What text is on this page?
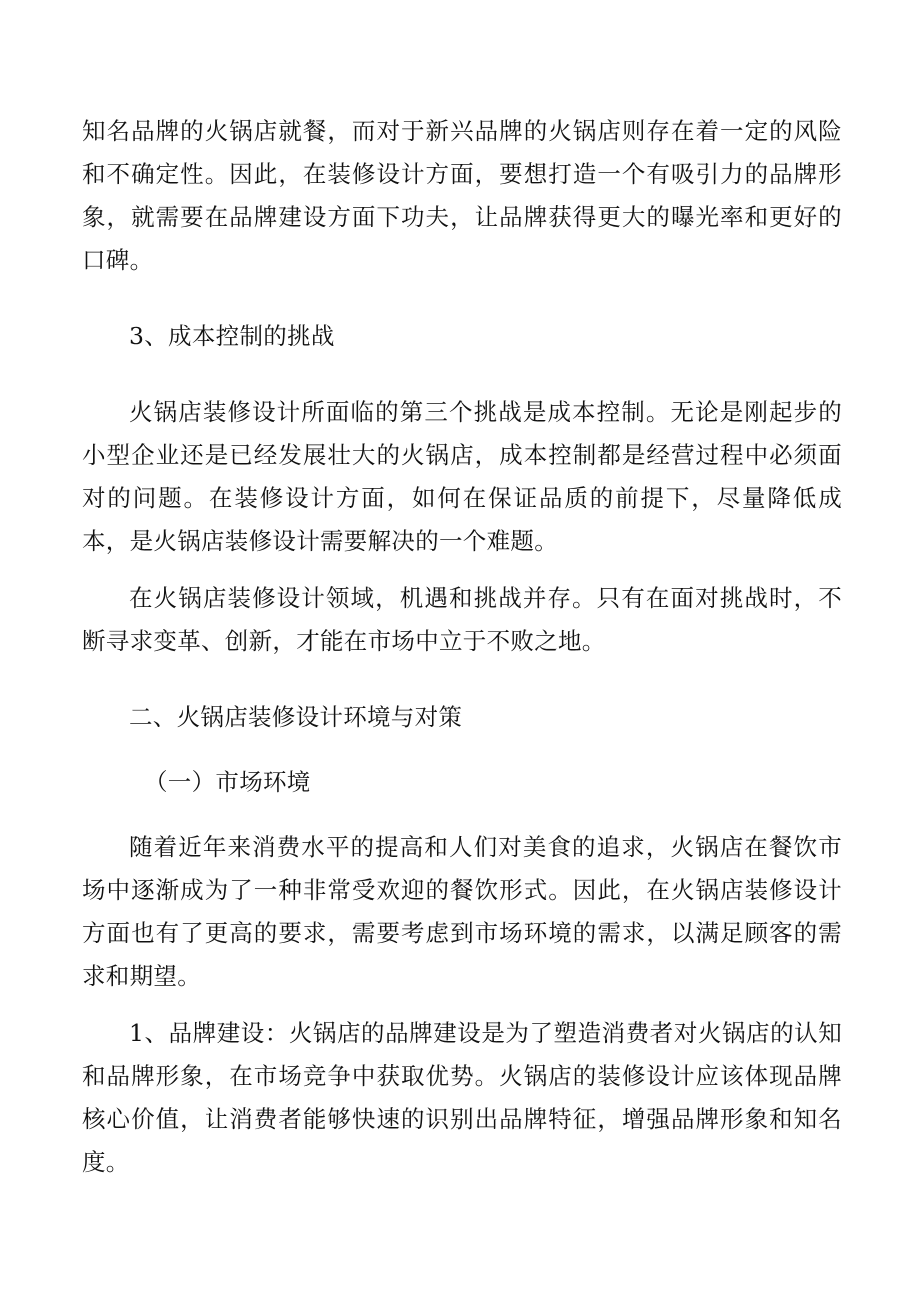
知名品牌的火锅店就餐，而对于新兴品牌的火锅店则存在着一定的风险和不确定性。因此，在装修设计方面，要想打造一个有吸引力的品牌形象，就需要在品牌建设方面下功夫，让品牌获得更大的曝光率和更好的口碑。

3、成本控制的挑战

火锅店装修设计所面临的第三个挑战是成本控制。无论是刚起步的小型企业还是已经发展壮大的火锅店，成本控制都是经营过程中必须面对的问题。在装修设计方面，如何在保证品质的前提下，尽量降低成本，是火锅店装修设计需要解决的一个难题。

在火锅店装修设计领域，机遇和挑战并存。只有在面对挑战时，不断寻求变革、创新，才能在市场中立于不败之地。

二、火锅店装修设计环境与对策

（一）市场环境

随着近年来消费水平的提高和人们对美食的追求，火锅店在餐饮市场中逐渐成为了一种非常受欢迎的餐饮形式。因此，在火锅店装修设计方面也有了更高的要求，需要考虑到市场环境的需求，以满足顾客的需求和期望。

1、品牌建设：火锅店的品牌建设是为了塑造消费者对火锅店的认知和品牌形象，在市场竞争中获取优势。火锅店的装修设计应该体现品牌核心价值，让消费者能够快速的识别出品牌特征，增强品牌形象和知名度。
